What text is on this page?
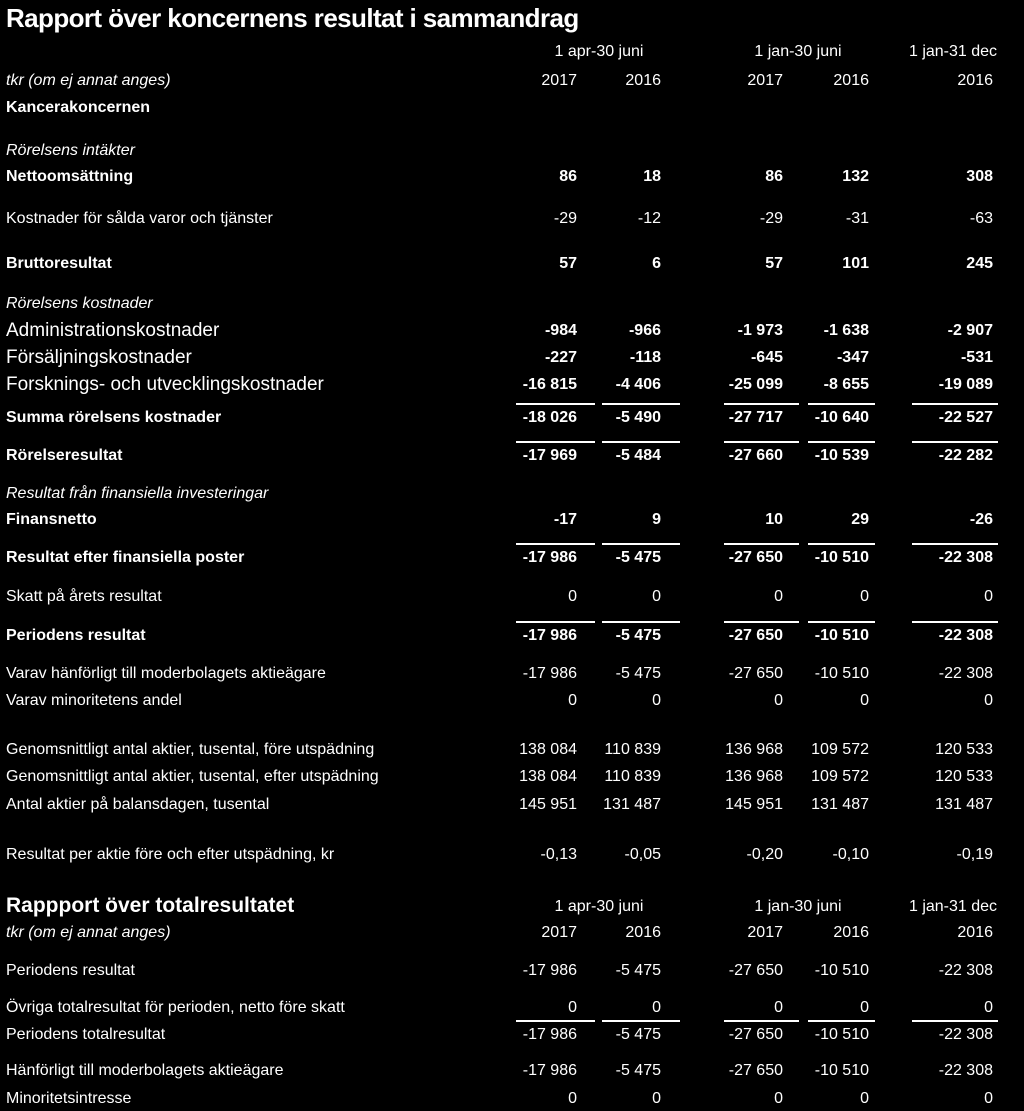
Rapport över koncernens resultat i sammandrag
1 apr-30 juni	1 jan-30 juni	1 jan-31 dec
tkr (om ej annat anges)	2017	2016	2017	2016	2016
Kancerakoncernen
Rörelsens intäkter
Nettoomsättning	86	18	86	132	308
Kostnader för sålda varor och tjänster	-29	-12	-29	-31	-63
Bruttoresultat	57	6	57	101	245
Rörelsens kostnader
Administrationskostnader	-984	-966	-1 973	-1 638	-2 907
Försäljningskostnader	-227	-118	-645	-347	-531
Forsknings- och utvecklingskostnader	-16 815	-4 406	-25 099	-8 655	-19 089
Summa rörelsens kostnader	-18 026	-5 490	-27 717	-10 640	-22 527
Rörelseresultat	-17 969	-5 484	-27 660	-10 539	-22 282
Resultat från finansiella investeringar
Finansnetto	-17	9	10	29	-26
Resultat efter finansiella poster	-17 986	-5 475	-27 650	-10 510	-22 308
Skatt på årets resultat	0	0	0	0	0
Periodens resultat	-17 986	-5 475	-27 650	-10 510	-22 308
Varav hänförligt till moderbolagets aktieägare	-17 986	-5 475	-27 650	-10 510	-22 308
Varav minoritetens andel	0	0	0	0	0
Genomsnittligt antal aktier, tusental, före utspädning	138 084	110 839	136 968	109 572	120 533
Genomsnittligt antal aktier, tusental, efter utspädning	138 084	110 839	136 968	109 572	120 533
Antal aktier på balansdagen, tusental	145 951	131 487	145 951	131 487	131 487
Resultat per aktie före och efter utspädning, kr	-0,13	-0,05	-0,20	-0,10	-0,19
Rappport över totalresultatet	1 apr-30 juni	1 jan-30 juni	1 jan-31 dec
tkr (om ej annat anges)	2017	2016	2017	2016	2016
Periodens resultat	-17 986	-5 475	-27 650	-10 510	-22 308
Övriga totalresultat för perioden, netto före skatt	0	0	0	0	0
Periodens totalresultat	-17 986	-5 475	-27 650	-10 510	-22 308
Hänförligt till moderbolagets aktieägare	-17 986	-5 475	-27 650	-10 510	-22 308
Minoritetsintresse	0	0	0	0	0
